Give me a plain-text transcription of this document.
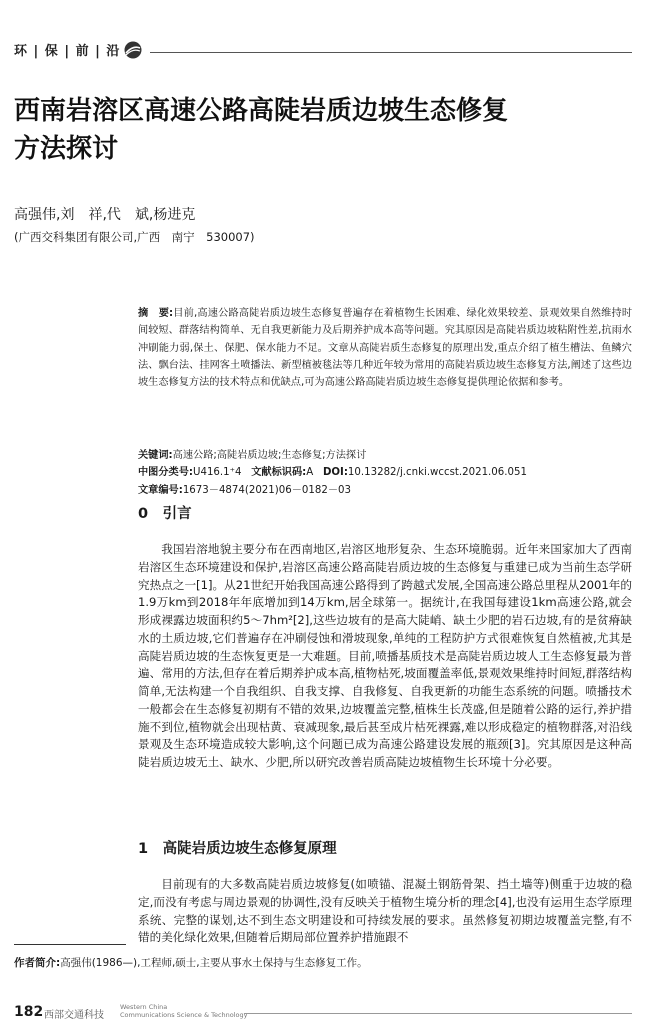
环 | 保 | 前 | 沿
西南岩溶区高速公路高陡岩质边坡生态修复
方法探讨
高强伟,刘　祥,代　斌,杨进克
(广西交科集团有限公司,广西　南宁　530007)
摘　要:目前,高速公路高陡岩质边坡生态修复普遍存在着植物生长困难、绿化效果较差、景观效果自然维持时间较短、群落结构简单、无自我更新能力及后期养护成本高等问题。究其原因是高陡岩质边坡粘附性差,抗雨水冲刷能力弱,保土、保肥、保水能力不足。文章从高陡岩质生态修复的原理出发,重点介绍了植生槽法、鱼鳞穴法、飘台法、挂网客土喷播法、新型植被毯法等几种近年较为常用的高陡岩质边坡生态修复方法,阐述了这些边坡生态修复方法的技术特点和优缺点,可为高速公路高陡岩质边坡生态修复提供理论依据和参考。
关键词:高速公路;高陡岩质边坡;生态修复;方法探讨
中图分类号:U416.1⁺4 文献标识码:A DOI:10.13282/j.cnki.wccst.2021.06.051
文章编号:1673－4874(2021)06－0182－03
0　引言
我国岩溶地貌主要分布在西南地区,岩溶区地形复杂、生态环境脆弱。近年来国家加大了西南岩溶区生态环境建设和保护,岩溶区高速公路高陡岩质边坡的生态修复与重建已成为当前生态学研究热点之一[1]。从21世纪开始我国高速公路得到了跨越式发展,全国高速公路总里程从2001年的1.9万km到2018年年底增加到14万km,居全球第一。据统计,在我国每建设1km高速公路,就会形成裸露边坡面积约5～7hm²[2],这些边坡有的是高大陡峭、缺土少肥的岩石边坡,有的是贫瘠缺水的土质边坡,它们普遍存在冲刷侵蚀和滑坡现象,单纯的工程防护方式很难恢复自然植被,尤其是高陡岩质边坡的生态恢复更是一大难题。目前,喷播基质技术是高陡岩质边坡人工生态修复最为普遍、常用的方法,但存在着后期养护成本高,植物枯死,坡面覆盖率低,景观效果维持时间短,群落结构简单,无法构建一个自我组织、自我支撑、自我修复、自我更新的功能生态系统的问题。喷播技术一般都会在生态修复初期有不错的效果,边坡覆盖完整,植株生长茂盛,但是随着公路的运行,养护措施不到位,植物就会出现枯黄、衰减现象,最后甚至成片枯死裸露,难以形成稳定的植物群落,对沿线景观及生态环境造成较大影响,这个问题已成为高速公路建设发展的瓶颈[3]。究其原因是这种高陡岩质边坡无土、缺水、少肥,所以研究改善岩质高陡边坡植物生长环境十分必要。
1　高陡岩质边坡生态修复原理
目前现有的大多数高陡岩质边坡修复(如喷锚、混凝土钢筋骨架、挡土墙等)侧重于边坡的稳定,而没有考虑与周边景观的协调性,没有反映关于植物生境分析的理念[4],也没有运用生态学原理系统、完整的谋划,达不到生态文明建设和可持续发展的要求。虽然修复初期边坡覆盖完整,有不错的美化绿化效果,但随着后期局部位置养护措施跟不
作者简介:高强伟(1986—),工程师,硕士,主要从事水土保持与生态修复工作。
182 西部交通科技
Western China
Communications Science & Technology
